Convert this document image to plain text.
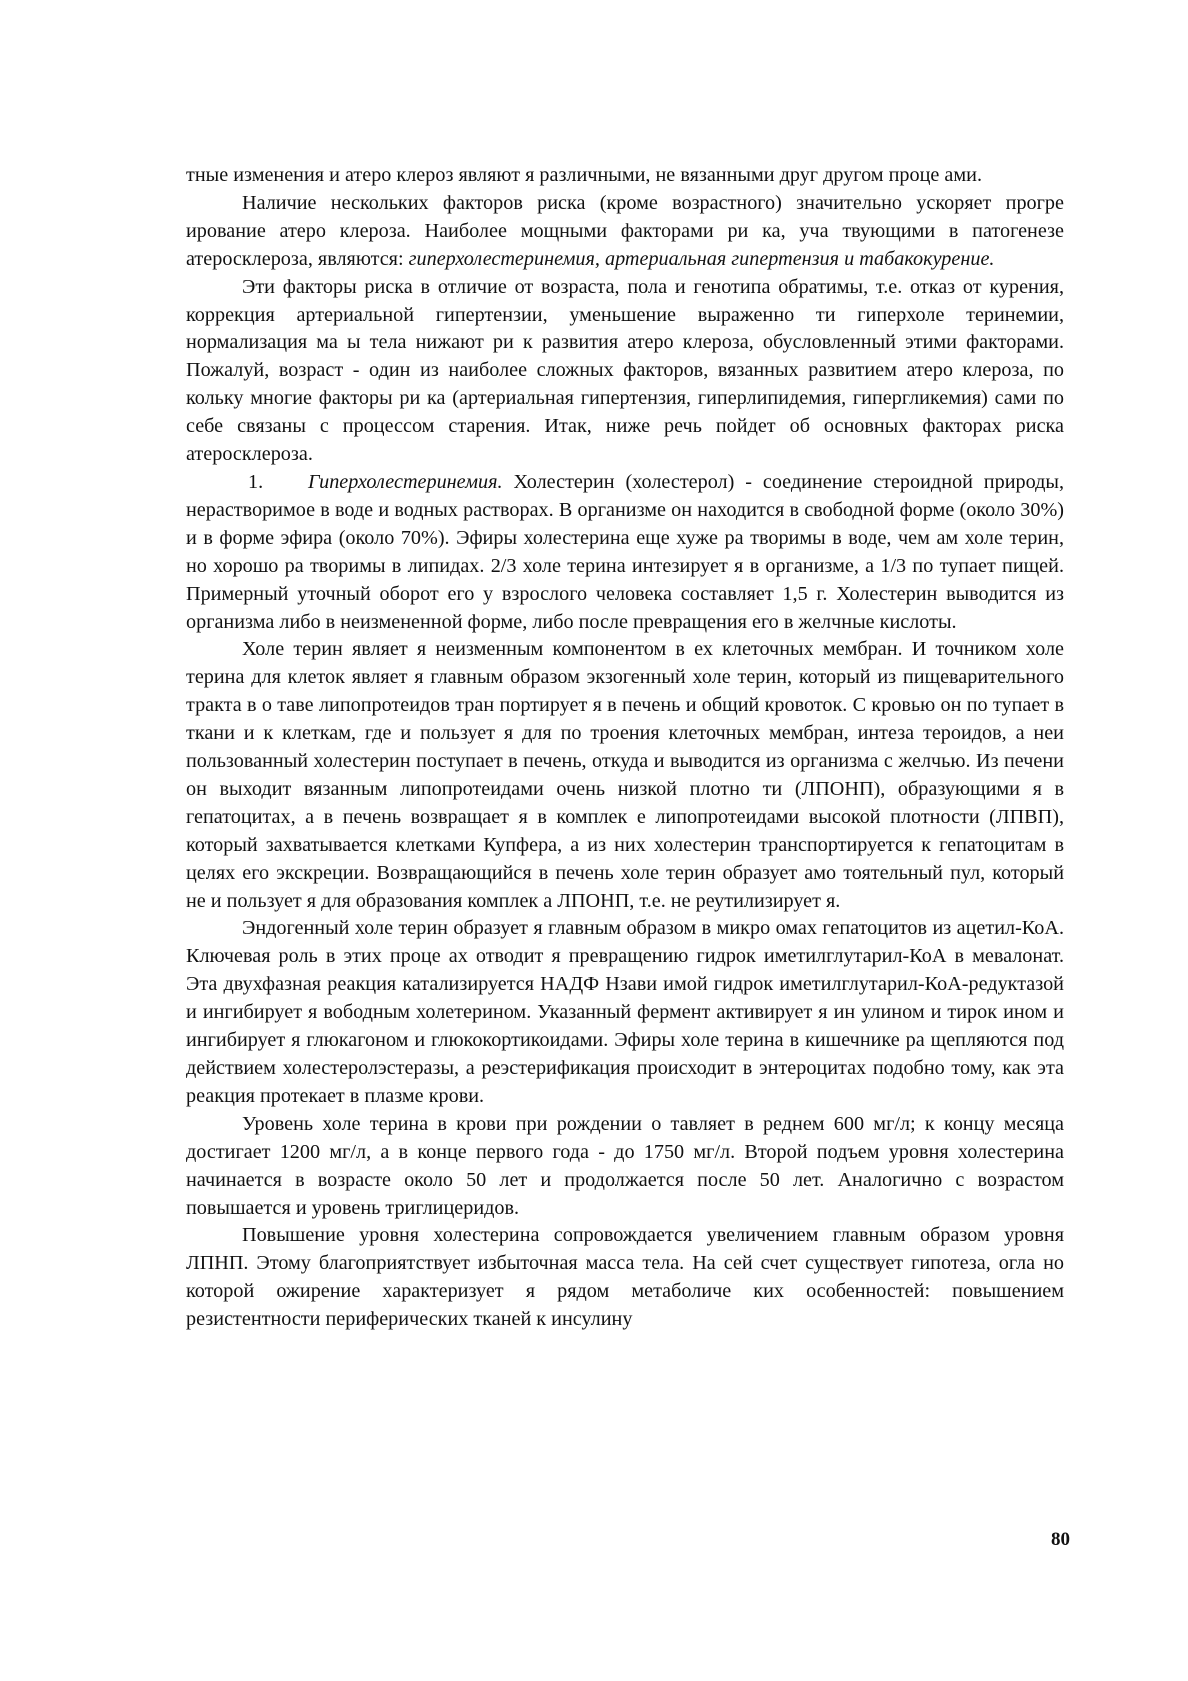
тные изменения и атеро клероз являют я различными, не вязанными друг другом проце ами.

Наличие нескольких факторов риска (кроме возрастного) значительно ускоряет прогре ирование атеро клероза. Наиболее мощными факторами ри ка, уча твующими в патогенезе атеросклероза, являются: гиперхолестеринемия, артериальная гипертензия и табакокурение.

Эти факторы риска в отличие от возраста, пола и генотипа обратимы, т.е. отказ от курения, коррекция артериальной гипертензии, уменьшение выраженно ти гиперхоле теринемии, нормализация ма ы тела нижают ри к развития атеро клероза, обусловленный этими факторами. Пожалуй, возраст - один из наиболее сложных факторов, вязанных развитием атеро клероза, по кольку многие факторы ри ка (артериальная гипертензия, гиперлипидемия, гипергликемия) сами по себе связаны с процессом старения. Итак, ниже речь пойдет об основных факторах риска атеросклероза.

1. Гиперхолестеринемия. Холестерин (холестерол) - соединение стероидной природы, нерастворимое в воде и водных растворах. В организме он находится в свободной форме (около 30%) и в форме эфира (около 70%). Эфиры холестерина еще хуже ра творимы в воде, чем ам холе терин, но хорошо ра творимы в липидах. 2/3 холе терина интезирует я в организме, а 1/3 по тупает пищей. Примерный уточный оборот его у взрослого человека составляет 1,5 г. Холестерин выводится из организма либо в неизмененной форме, либо после превращения его в желчные кислоты.

Холе терин являет я неизменным компонентом в ех клеточных мембран. И точником холе терина для клеток являет я главным образом экзогенный холе терин, который из пищеварительного тракта в о таве липопротеидов тран портирует я в печень и общий кровоток. С кровью он по тупает в ткани и к клеткам, где и пользует я для по троения клеточных мембран, интеза тероидов, а неи пользованный холестерин поступает в печень, откуда и выводится из организма с желчью. Из печени он выходит вязанным липопротеидами очень низкой плотно ти (ЛПОНП), образующими я в гепатоцитах, а в печень возвращает я в комплек е липопротеидами высокой плотности (ЛПВП), который захватывается клетками Купфера, а из них холестерин транспортируется к гепатоцитам в целях его экскреции. Возвращающийся в печень холе терин образует амо тоятельный пул, который не и пользует я для образования комплек а ЛПОНП, т.е. не реутилизирует я.

Эндогенный холе терин образует я главным образом в микро омах гепатоцитов из ацетил-КоА. Ключевая роль в этих проце ах отводит я превращению гидрок иметилглутарил-КоА в мевалонат. Эта двухфазная реакция катализируется НАДФ Нзави имой гидрок иметилглутарил-КоА-редуктазой и ингибирует я вободным холетерином. Указанный фермент активирует я ин улином и тирок ином и ингибирует я глюкагоном и глюкокортикоидами. Эфиры холе терина в кишечнике ра щепляются под действием холестеролэстеразы, а реэстерификация происходит в энтероцитах подобно тому, как эта реакция протекает в плазме крови.

Уровень холе терина в крови при рождении о тавляет в реднем 600 мг/л; к концу месяца достигает 1200 мг/л, а в конце первого года - до 1750 мг/л. Второй подъем уровня холестерина начинается в возрасте около 50 лет и продолжается после 50 лет. Аналогично с возрастом повышается и уровень триглицеридов.

Повышение уровня холестерина сопровождается увеличением главным образом уровня ЛПНП. Этому благоприятствует избыточная масса тела. На сей счет существует гипотеза, огла но которой ожирение характеризует я рядом метаболиче ких особенностей: повышением резистентности периферических тканей к инсулину

80
